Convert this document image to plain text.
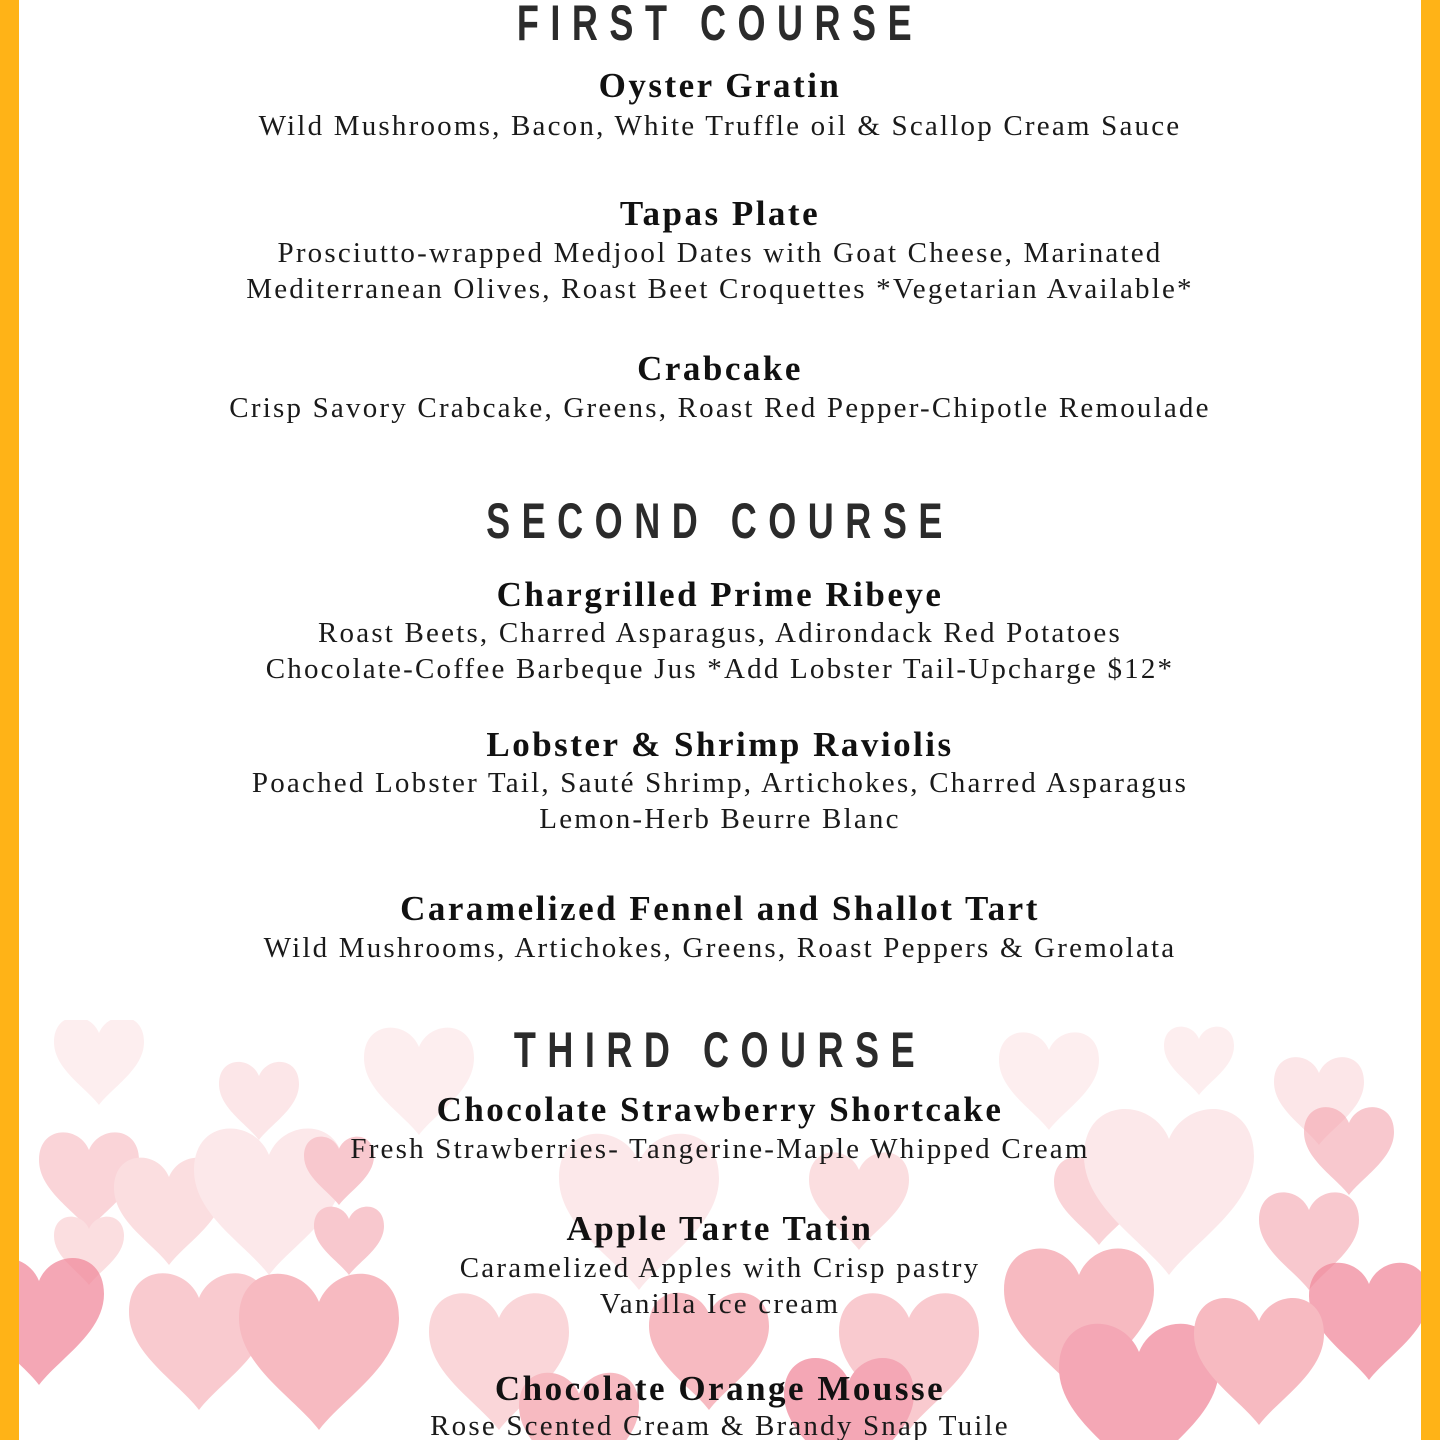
FIRST COURSE
Oyster Gratin
Wild Mushrooms, Bacon, White Truffle oil & Scallop Cream Sauce
Tapas Plate
Prosciutto-wrapped Medjool Dates with Goat Cheese, Marinated
Mediterranean Olives, Roast Beet Croquettes *Vegetarian Available*
Crabcake
Crisp Savory Crabcake, Greens, Roast Red Pepper-Chipotle Remoulade
SECOND COURSE
Chargrilled Prime Ribeye
Roast Beets, Charred Asparagus, Adirondack Red Potatoes
Chocolate-Coffee Barbeque Jus *Add Lobster Tail-Upcharge $12*
Lobster & Shrimp Raviolis
Poached Lobster Tail, Sauté Shrimp, Artichokes, Charred Asparagus
Lemon-Herb Beurre Blanc
Caramelized Fennel and Shallot Tart
Wild Mushrooms, Artichokes, Greens, Roast Peppers & Gremolata
THIRD COURSE
Chocolate Strawberry Shortcake
Fresh Strawberries- Tangerine-Maple Whipped Cream
Apple Tarte Tatin
Caramelized Apples with Crisp pastry
Vanilla Ice cream
Chocolate Orange Mousse
Rose Scented Cream & Brandy Snap Tuile
